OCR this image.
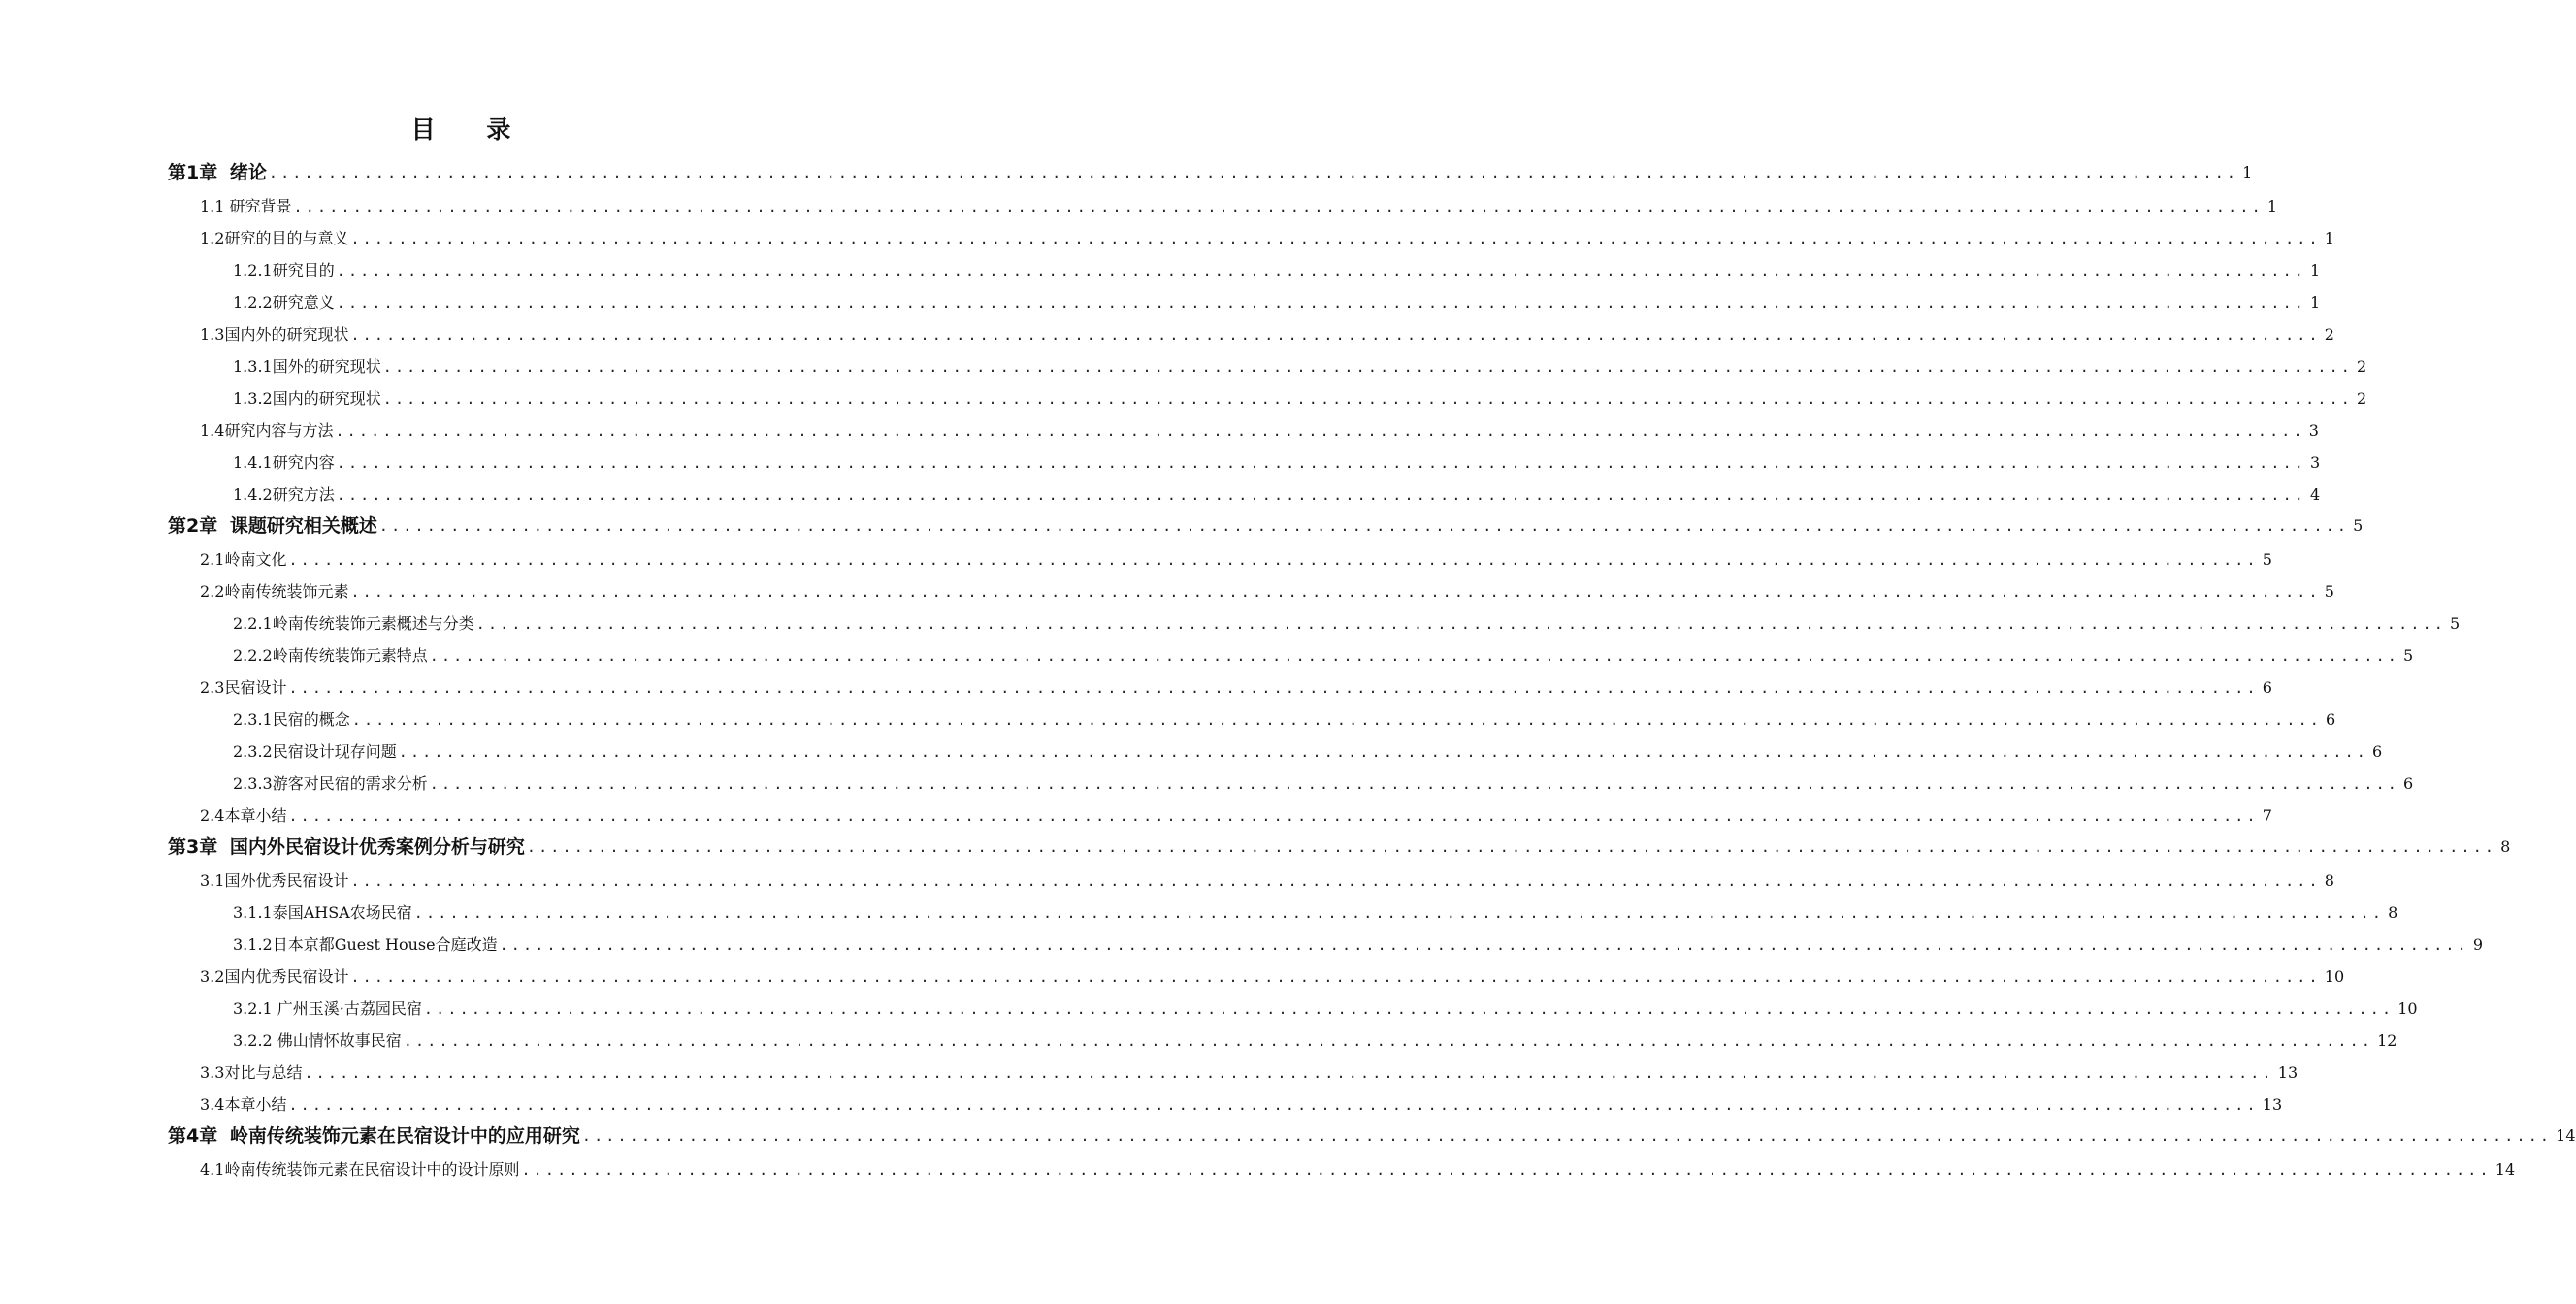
目 录
第1章 绪论 ...................................................................................................................................................................... 1
1.1 研究背景 ...................................................................................................................................................................... 1
1.2研究的目的与意义 ...................................................................................................................................................................... 1
1.2.1研究目的 ...................................................................................................................................................................... 1
1.2.2研究意义 ...................................................................................................................................................................... 1
1.3国内外的研究现状 ...................................................................................................................................................................... 2
1.3.1国外的研究现状 ...................................................................................................................................................................... 2
1.3.2国内的研究现状 ...................................................................................................................................................................... 2
1.4研究内容与方法 ...................................................................................................................................................................... 3
1.4.1研究内容 ...................................................................................................................................................................... 3
1.4.2研究方法 ...................................................................................................................................................................... 4
第2章 课题研究相关概述 ...................................................................................................................................................................... 5
2.1岭南文化 ...................................................................................................................................................................... 5
2.2岭南传统装饰元素 ...................................................................................................................................................................... 5
2.2.1岭南传统装饰元素概述与分类 ...................................................................................................................................................................... 5
2.2.2岭南传统装饰元素特点 ...................................................................................................................................................................... 5
2.3民宿设计 ...................................................................................................................................................................... 6
2.3.1民宿的概念 ...................................................................................................................................................................... 6
2.3.2民宿设计现存问题 ...................................................................................................................................................................... 6
2.3.3游客对民宿的需求分析 ...................................................................................................................................................................... 6
2.4本章小结 ...................................................................................................................................................................... 7
第3章 国内外民宿设计优秀案例分析与研究 ...................................................................................................................................................................... 8
3.1国外优秀民宿设计 ...................................................................................................................................................................... 8
3.1.1泰国AHSA农场民宿 ...................................................................................................................................................................... 8
3.1.2日本京都Guest House合庭改造 ...................................................................................................................................................................... 9
3.2国内优秀民宿设计 ...................................................................................................................................................................... 10
3.2.1 广州玉溪·古荔园民宿 ...................................................................................................................................................................... 10
3.2.2 佛山情怀故事民宿 ...................................................................................................................................................................... 12
3.3对比与总结 ...................................................................................................................................................................... 13
3.4本章小结 ...................................................................................................................................................................... 13
第4章 岭南传统装饰元素在民宿设计中的应用研究 ...................................................................................................................................................................... 14
4.1岭南传统装饰元素在民宿设计中的设计原则 ...................................................................................................................................................................... 14
